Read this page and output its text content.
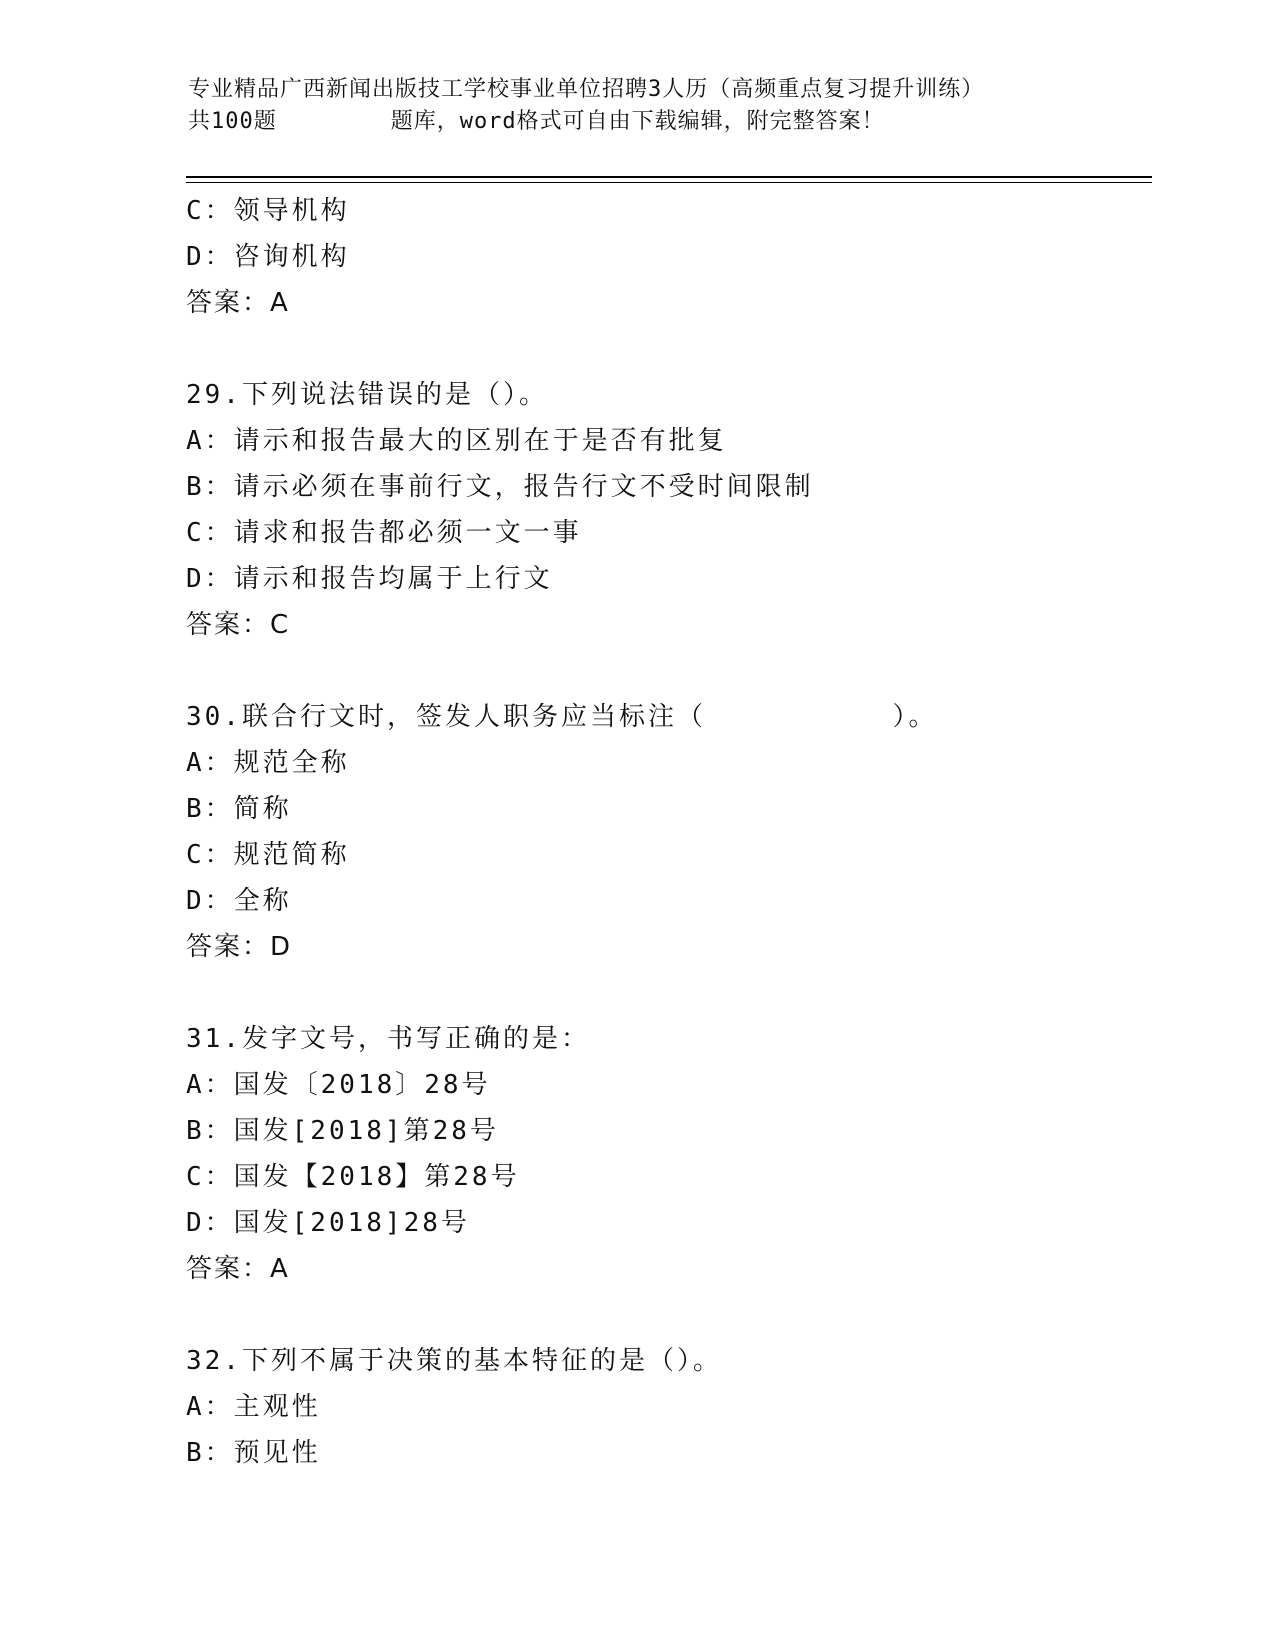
专业精品广西新闻出版技工学校事业单位招聘3人历（高频重点复习提升训练）
共100题        题库，word格式可自由下载编辑，附完整答案！
C：领导机构
D：咨询机构
答案：A
29.下列说法错误的是（）。
A：请示和报告最大的区别在于是否有批复
B：请示必须在事前行文，报告行文不受时间限制
C：请求和报告都必须一文一事
D：请示和报告均属于上行文
答案：C
30.联合行文时，签发人职务应当标注（          ）。
A：规范全称
B：简称
C：规范简称
D：全称
答案：D
31.发字文号，书写正确的是：
A：国发〔2018〕28号
B：国发[2018]第28号
C：国发【2018】第28号
D：国发[2018]28号
答案：A
32.下列不属于决策的基本特征的是（）。
A：主观性
B：预见性
